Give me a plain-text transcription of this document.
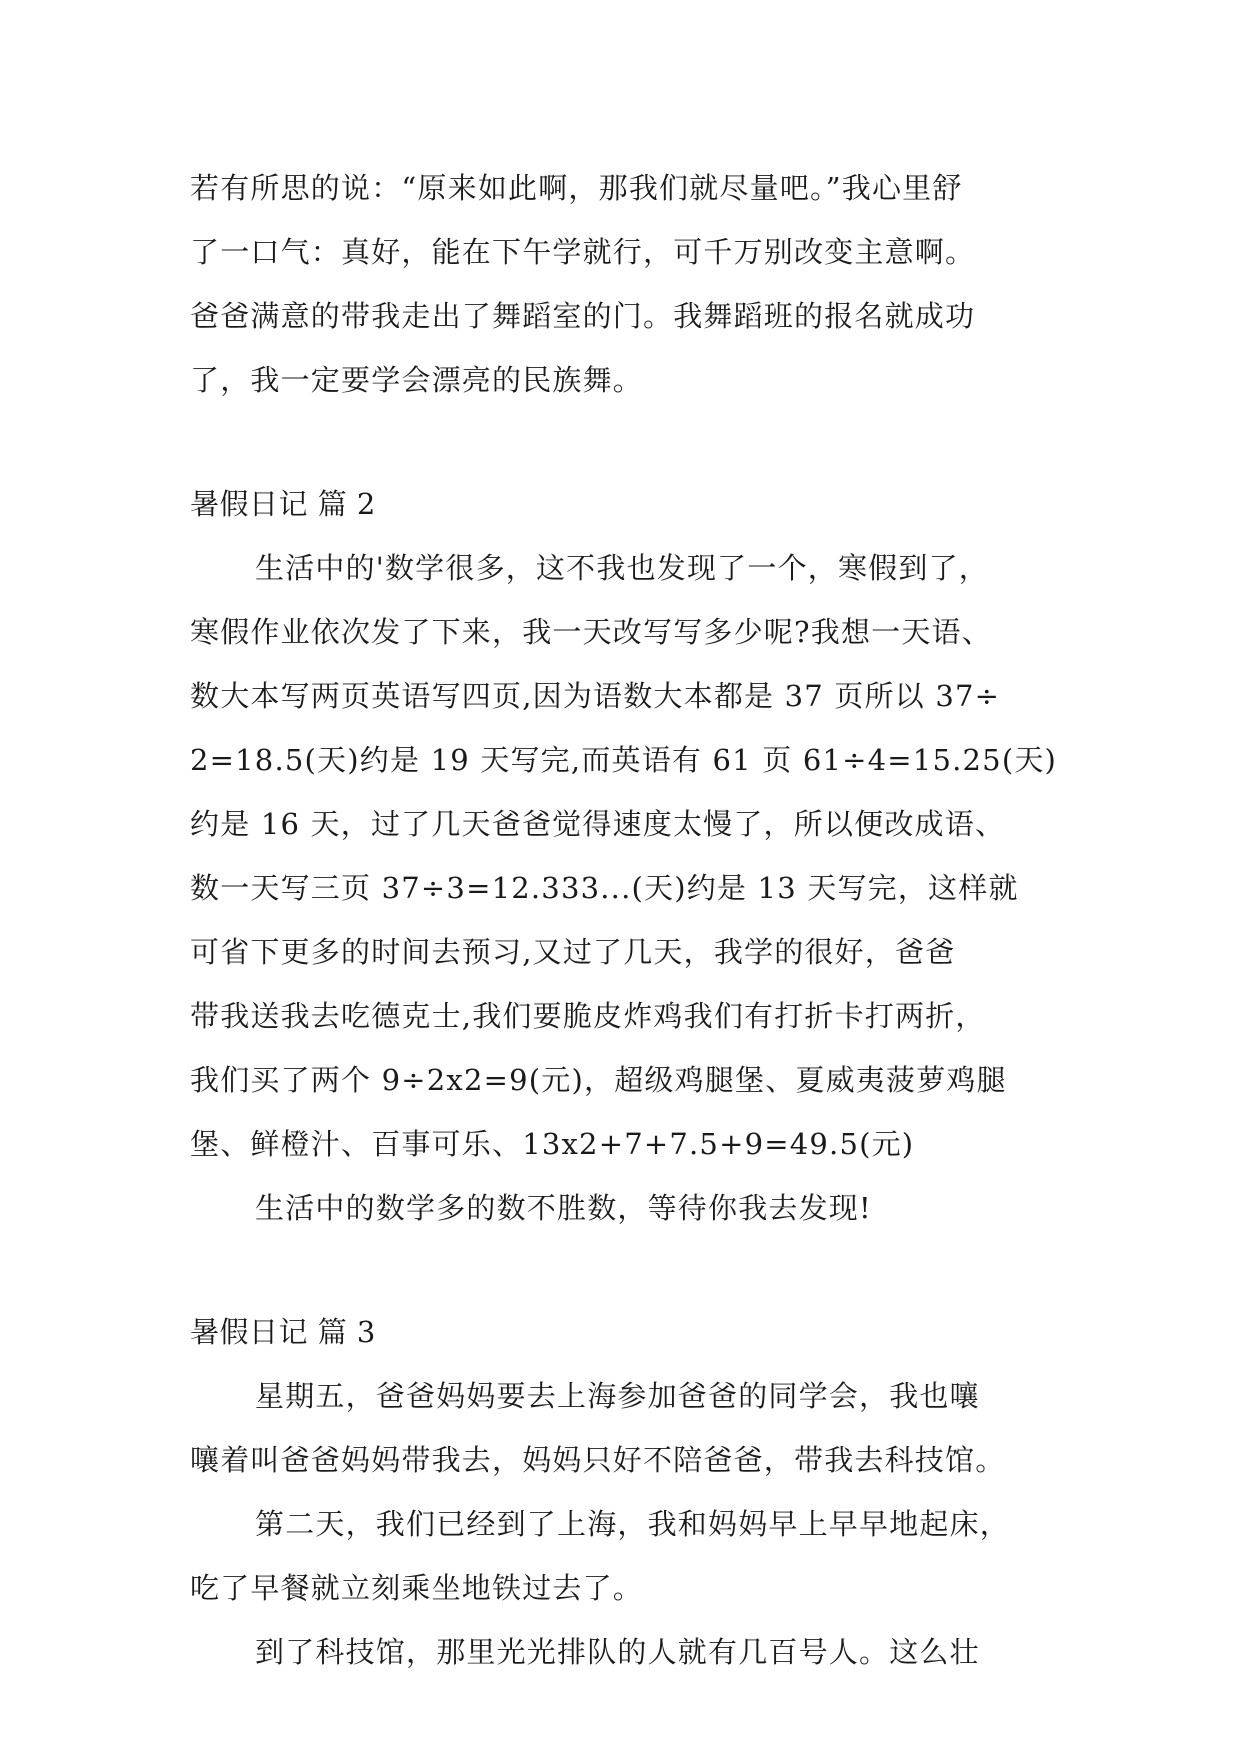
若有所思的说：“原来如此啊，那我们就尽量吧。”我心里舒
了一口气：真好，能在下午学就行，可千万别改变主意啊。
爸爸满意的带我走出了舞蹈室的门。我舞蹈班的报名就成功
了，我一定要学会漂亮的民族舞。
暑假日记 篇 2
生活中的'数学很多，这不我也发现了一个，寒假到了，
寒假作业依次发了下来，我一天改写写多少呢?我想一天语、
数大本写两页英语写四页,因为语数大本都是 37 页所以 37÷
2=18.5(天)约是 19 天写完,而英语有 61 页 61÷4=15.25(天)
约是 16 天，过了几天爸爸觉得速度太慢了，所以便改成语、
数一天写三页 37÷3=12.333...(天)约是 13 天写完，这样就
可省下更多的时间去预习,又过了几天，我学的很好，爸爸
带我送我去吃德克士,我们要脆皮炸鸡我们有打折卡打两折，
我们买了两个 9÷2x2=9(元)，超级鸡腿堡、夏威夷菠萝鸡腿
堡、鲜橙汁、百事可乐、13x2+7+7.5+9=49.5(元)
生活中的数学多的数不胜数，等待你我去发现!
暑假日记 篇 3
星期五，爸爸妈妈要去上海参加爸爸的同学会，我也嚷
嚷着叫爸爸妈妈带我去，妈妈只好不陪爸爸，带我去科技馆。
第二天，我们已经到了上海，我和妈妈早上早早地起床，
吃了早餐就立刻乘坐地铁过去了。
到了科技馆，那里光光排队的人就有几百号人。这么壮
